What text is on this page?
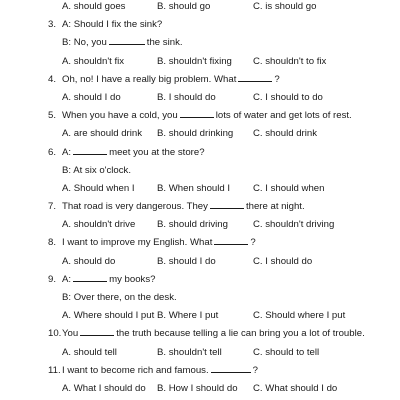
A. should goes	B. should go	C. is should go
3. A: Should I fix the sink?
B: No, you	the sink.
A. shouldn't fix	B. shouldn't fixing C. shouldn't to fix
4. Oh, no! I have a really big problem. What	?
A. should I do	B. I should do	C. I should to do
5. When you have a cold, you	lots of water and get lots of rest.
A. are should drink B. should drinking C. should drink
6. A:	meet you at the store?
B: At six o'clock.
A. Should when I B. When should I C. I should when
7. That road is very dangerous. They	there at night.
A. shouldn't drive B. should driving	C. shouldn't driving
8. I want to improve my English. What	?
A. should do	B. should I do	C. I should do
9. A:	my books?
B: Over there, on the desk.
A. Where should I put B. Where I put	C. Should where I put
10. You	the truth because telling a lie can bring you a lot of trouble.
A. should tell	B. shouldn't tell	C. should to tell
11. I want to become rich and famous.	?
A. What I should do B. How I should do C. What should I do
